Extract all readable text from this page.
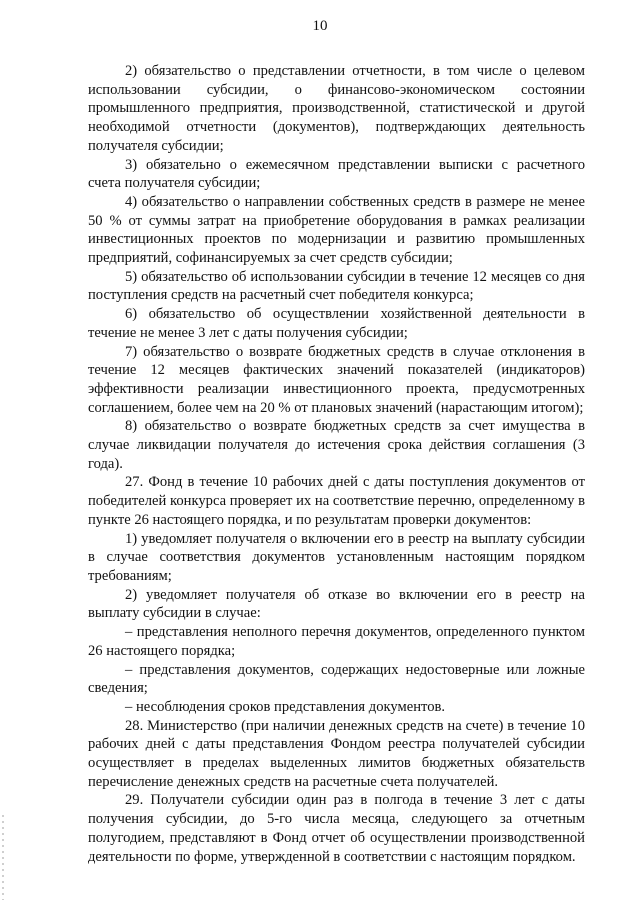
10

2) обязательство о представлении отчетности, в том числе о целевом использовании субсидии, о финансово-экономическом состоянии промышленного предприятия, производственной, статистической и другой необходимой отчетности (документов), подтверждающих деятельность получателя субсидии;

3) обязательно о ежемесячном представлении выписки с расчетного счета получателя субсидии;

4) обязательство о направлении собственных средств в размере не менее 50 % от суммы затрат на приобретение оборудования в рамках реализации инвестиционных проектов по модернизации и развитию промышленных предприятий, софинансируемых за счет средств субсидии;

5) обязательство об использовании субсидии в течение 12 месяцев со дня поступления средств на расчетный счет победителя конкурса;

6) обязательство об осуществлении хозяйственной деятельности в течение не менее 3 лет с даты получения субсидии;

7) обязательство о возврате бюджетных средств в случае отклонения в течение 12 месяцев фактических значений показателей (индикаторов) эффективности реализации инвестиционного проекта, предусмотренных соглашением, более чем на 20 % от плановых значений (нарастающим итогом);

8) обязательство о возврате бюджетных средств за счет имущества в случае ликвидации получателя до истечения срока действия соглашения (3 года).

27. Фонд в течение 10 рабочих дней с даты поступления документов от победителей конкурса проверяет их на соответствие перечню, определенному в пункте 26 настоящего порядка, и по результатам проверки документов:

1) уведомляет получателя о включении его в реестр на выплату субсидии в случае соответствия документов установленным настоящим порядком требованиям;

2) уведомляет получателя об отказе во включении его в реестр на выплату субсидии в случае:

– представления неполного перечня документов, определенного пунктом 26 настоящего порядка;

– представления документов, содержащих недостоверные или ложные сведения;

– несоблюдения сроков представления документов.

28. Министерство (при наличии денежных средств на счете) в течение 10 рабочих дней с даты представления Фондом реестра получателей субсидии осуществляет в пределах выделенных лимитов бюджетных обязательств перечисление денежных средств на расчетные счета получателей.

29. Получатели субсидии один раз в полгода в течение 3 лет с даты получения субсидии, до 5-го числа месяца, следующего за отчетным полугодием, представляют в Фонд отчет об осуществлении производственной деятельности по форме, утвержденной в соответствии с настоящим порядком.
